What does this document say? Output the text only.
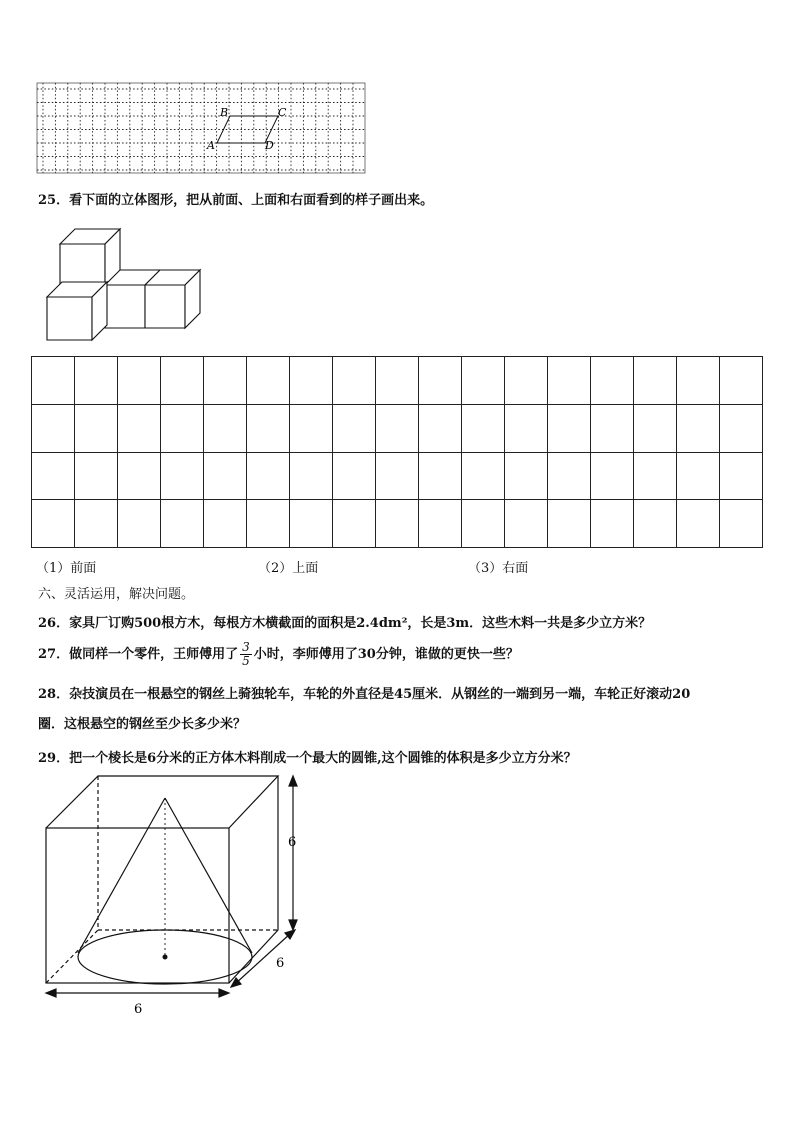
B	C
A	D
25．看下面的立体图形，把从前面、上面和右面看到的样子画出来。

（1）前面	（2）上面	（3）右面
六、灵活运用，解决问题。
26．家具厂订购500根方木，每根方木横截面的面积是2.4dm²，长是3m．这些木料一共是多少立方米？
27．做同样一个零件，王师傅用了 $\frac{3}{5}$ 小时，李师傅用了30分钟，谁做的更快一些？
28．杂技演员在一根悬空的钢丝上骑独轮车，车轮的外直径是45厘米．从钢丝的一端到另一端，车轮正好滚动20
圈．这根悬空的钢丝至少长多少米？
29．把一个棱长是6分米的正方体木料削成一个最大的圆锥,这个圆锥的体积是多少立方分米？
6
6
6
